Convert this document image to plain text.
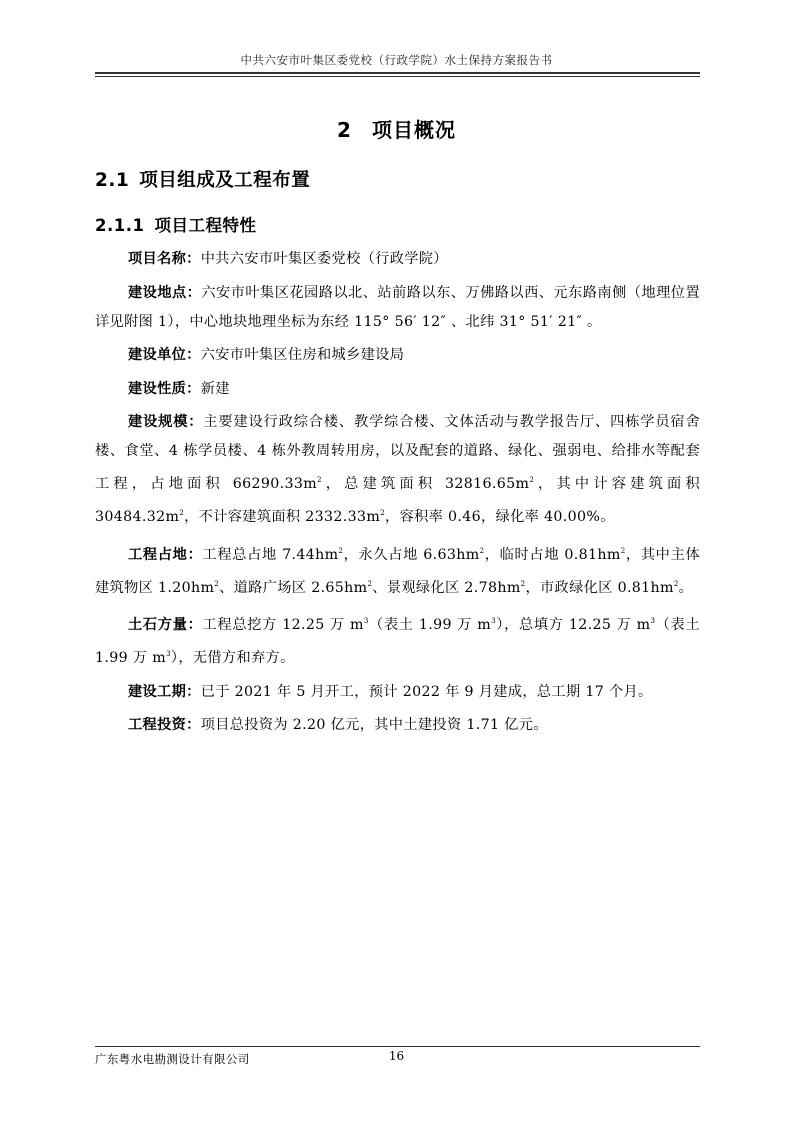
中共六安市叶集区委党校（行政学院）水土保持方案报告书
2 项目概况
2.1 项目组成及工程布置
2.1.1 项目工程特性

项目名称：中共六安市叶集区委党校（行政学院）

建设地点：六安市叶集区花园路以北、站前路以东、万佛路以西、元东路南侧（地理位置详见附图 1），中心地块地理坐标为东经 115° 56′ 12″ 、北纬 31° 51′ 21″ 。

建设单位：六安市叶集区住房和城乡建设局

建设性质：新建

建设规模：主要建设行政综合楼、教学综合楼、文体活动与教学报告厅、四栋学员宿舍楼、食堂、4 栋学员楼、4 栋外教周转用房，以及配套的道路、绿化、强弱电、给排水等配套工程，占地面积 $66290.33m^2$，总建筑面积 $32816.65m^2$，其中计容建筑面积 $30484.32m^2$，不计容建筑面积 $2332.33m^2$，容积率 0.46，绿化率 40.00%。

工程占地：工程总占地 $7.44hm^2$，永久占地 $6.63hm^2$，临时占地 $0.81hm^2$，其中主体建筑物区 $1.20hm^2$、道路广场区 $2.65hm^2$、景观绿化区 $2.78hm^2$，市政绿化区 $0.81hm^2$。

土石方量：工程总挖方 12.25 万 $m^3$（表土 1.99 万 $m^3$），总填方 12.25 万 $m^3$（表土 1.99 万 $m^3$），无借方和弃方。

建设工期：已于 2021 年 5 月开工，预计 2022 年 9 月建成，总工期 17 个月。

工程投资：项目总投资为 2.20 亿元，其中土建投资 1.71 亿元。

广东粤水电勘测设计有限公司	16
